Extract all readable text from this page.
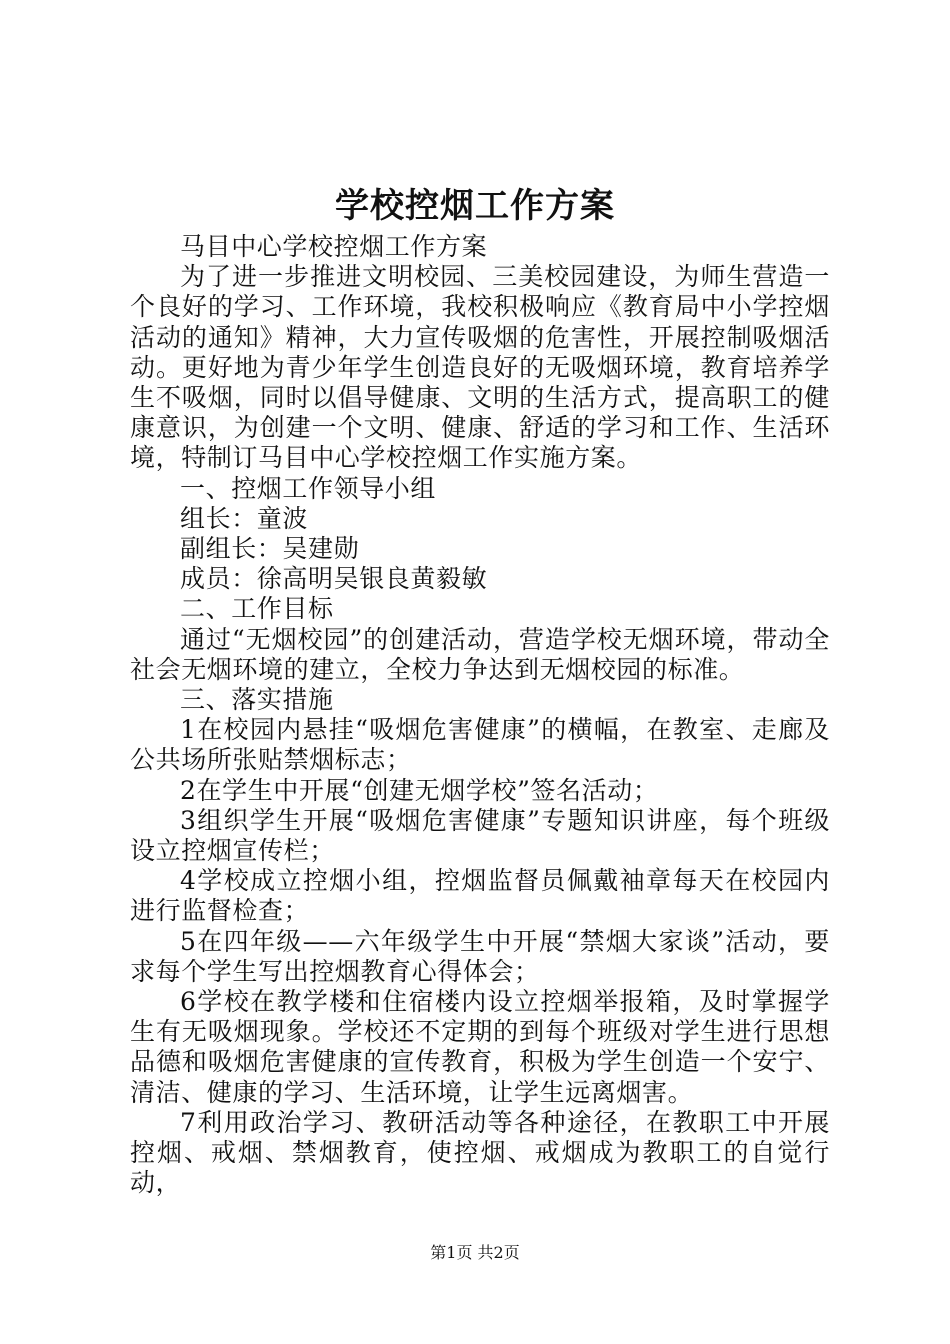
学校控烟工作方案

马目中心学校控烟工作方案

为了进一步推进文明校园、三美校园建设，为师生营造一个良好的学习、工作环境，我校积极响应《教育局中小学控烟活动的通知》精神，大力宣传吸烟的危害性，开展控制吸烟活动。更好地为青少年学生创造良好的无吸烟环境，教育培养学生不吸烟，同时以倡导健康、文明的生活方式，提高职工的健康意识，为创建一个文明、健康、舒适的学习和工作、生活环境，特制订马目中心学校控烟工作实施方案。

一、控烟工作领导小组

组长：童波

副组长：吴建勋

成员：徐高明吴银良黄毅敏

二、工作目标

通过“无烟校园”的创建活动，营造学校无烟环境，带动全社会无烟环境的建立，全校力争达到无烟校园的标准。

三、落实措施

1在校园内悬挂“吸烟危害健康”的横幅，在教室、走廊及公共场所张贴禁烟标志；

2在学生中开展“创建无烟学校”签名活动；

3组织学生开展“吸烟危害健康”专题知识讲座，每个班级设立控烟宣传栏；

4学校成立控烟小组，控烟监督员佩戴袖章每天在校园内进行监督检查；

5在四年级——六年级学生中开展“禁烟大家谈”活动，要求每个学生写出控烟教育心得体会；

6学校在教学楼和住宿楼内设立控烟举报箱，及时掌握学生有无吸烟现象。学校还不定期的到每个班级对学生进行思想品德和吸烟危害健康的宣传教育，积极为学生创造一个安宁、清洁、健康的学习、生活环境，让学生远离烟害。

7利用政治学习、教研活动等各种途径，在教职工中开展控烟、戒烟、禁烟教育，使控烟、戒烟成为教职工的自觉行动，

第1页 共2页
